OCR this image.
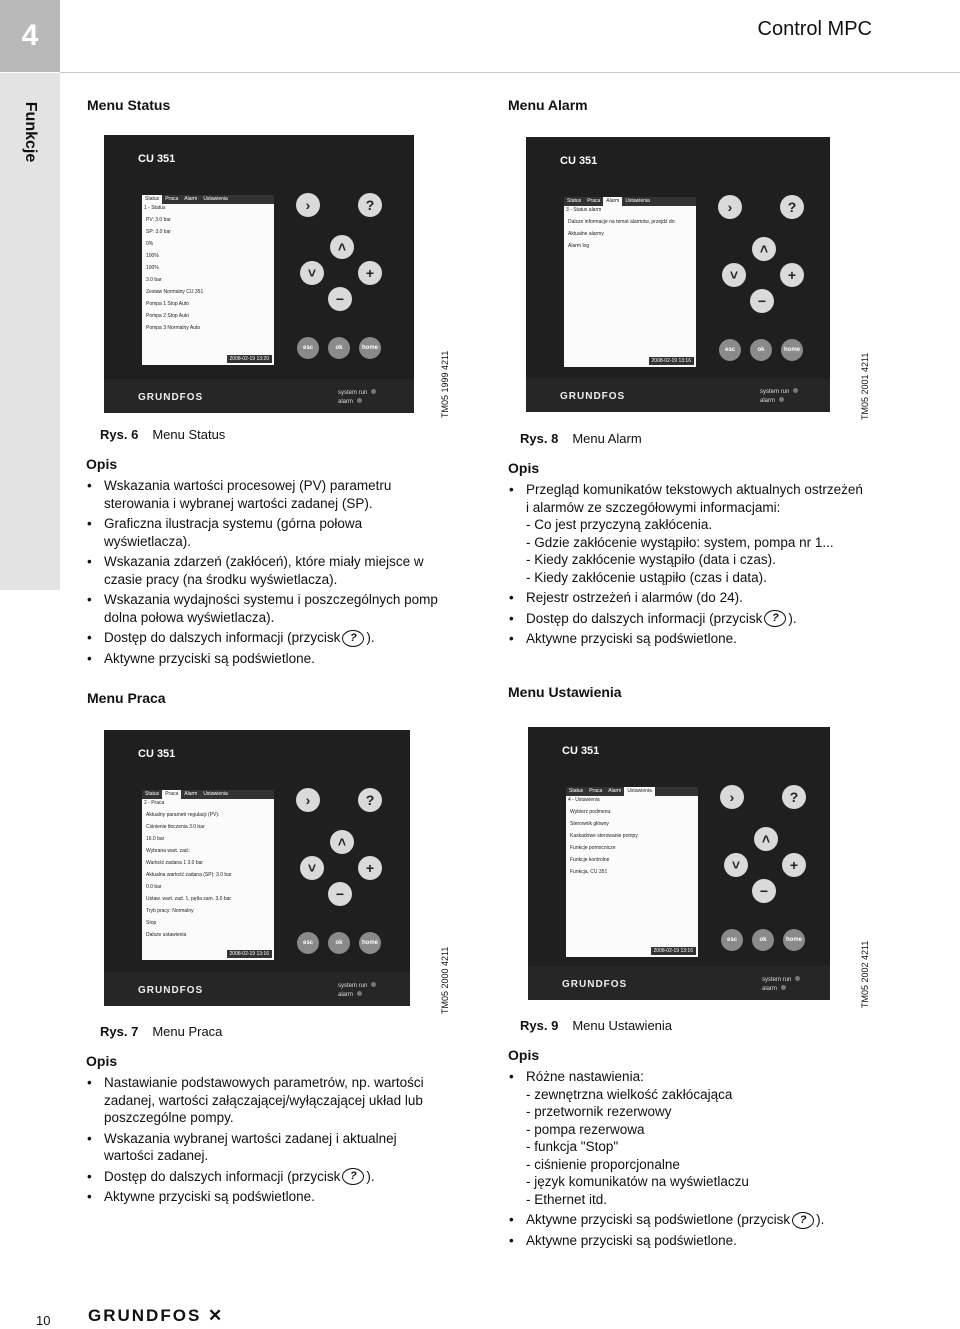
4	Control MPC
Funkcje	Menu Status
CU 351
Status	Praca	Alarm	Ustawienia
1 - Status
PV: 3.0 bar
SP: 3.0 bar
0%
100%
100%
3.0 bar
Zestaw Normalny CU 351
Pompa 1 Stop Auto
Pompa 2 Stop Auto
Pompa 3 Normalny Auto
2008-02-19 13:20
›	?
˄
˅	+
−
esc	ok	home
GRUNDFOS	system run
alarm	TM05 1999 4211
Rys. 6 Menu Status
Opis
• Wskazania wartości procesowej (PV) parametru sterowania i wybranej wartości zadanej (SP).
• Graficzna ilustracja systemu (górna połowa wyświetlacza).
• Wskazania zdarzeń (zakłóceń), które miały miejsce w czasie pracy (na środku wyświetlacza).
• Wskazania wydajności systemu i poszczególnych pomp dolna połowa wyświetlacza).
• Dostęp do dalszych informacji (przycisk ? ).
• Aktywne przyciski są podświetlone.
Menu Alarm
CU 351
Status	Praca	Alarm	Ustawienia
3 - Status alarm
Dalsze informacje na temat alarmów, przejdź do:
Aktualne alarmy
Alarm log
2008-02-19 13:16
›	?
˄
˅	+
−
esc	ok	home
GRUNDFOS	system run
alarm	TM05 2001 4211
Rys. 8 Menu Alarm
Opis
• Przegląd komunikatów tekstowych aktualnych ostrzeżeń i alarmów ze szczegółowymi informacjami:
- Co jest przyczyną zakłócenia.
- Gdzie zakłócenie wystąpiło: system, pompa nr 1...
- Kiedy zakłócenie wystąpiło (data i czas).
- Kiedy zakłócenie ustąpiło (czas i data).
• Rejestr ostrzeżeń i alarmów (do 24).
• Dostęp do dalszych informacji (przycisk ? ).
• Aktywne przyciski są podświetlone.
Menu Praca
CU 351
Status	Praca	Alarm	Ustawienia
2 - Praca
Aktualny parametr regulacji (PV):
Ciśnienie tłoczenia 3.0 bar
16.0 bar
Wybrana wart. zad.:
Wartość zadana 1 3.0 bar
Aktualna wartość zadana (SP): 3.0 bar
0.0 bar
Ustaw. wart. zad. 1, pętla zam. 3.0 bar
Tryb pracy: Normalny
Stop
Dalsze ustawienia
2008-02-19 13:16
›	?
˄
˅	+
−
esc	ok	home
GRUNDFOS	system run
alarm	TM05 2000 4211
Rys. 7 Menu Praca
Opis
• Nastawianie podstawowych parametrów, np. wartości zadanej, wartości załączającej/wyłączającej układ lub poszczególne pompy.
• Wskazania wybranej wartości zadanej i aktualnej wartości zadanej.
• Dostęp do dalszych informacji (przycisk ? ).
• Aktywne przyciski są podświetlone.
Menu Ustawienia
CU 351
Status	Praca	Alarm	Ustawienia
4 - Ustawienia
Wybierz podmenu:
Sterownik główny
Kaskadowe sterowanie pompy
Funkcje pomocnicze
Funkcje kontrolne
Funkcja, CU 351
2008-02-19 13:16
›	?
˄
˅	+
−
esc	ok	home
GRUNDFOS	system run
alarm	TM05 2002 4211
Rys. 9 Menu Ustawienia
Opis
• Różne nastawienia:
- zewnętrzna wielkość zakłócająca
- przetwornik rezerwowy
- pompa rezerwowa
- funkcja "Stop"
- ciśnienie proporcjonalne
- język komunikatów na wyświetlaczu
- Ethernet itd.
• Aktywne przyciski są podświetlone (przycisk ? ).
• Aktywne przyciski są podświetlone.
10 GRUNDFOS ✕
